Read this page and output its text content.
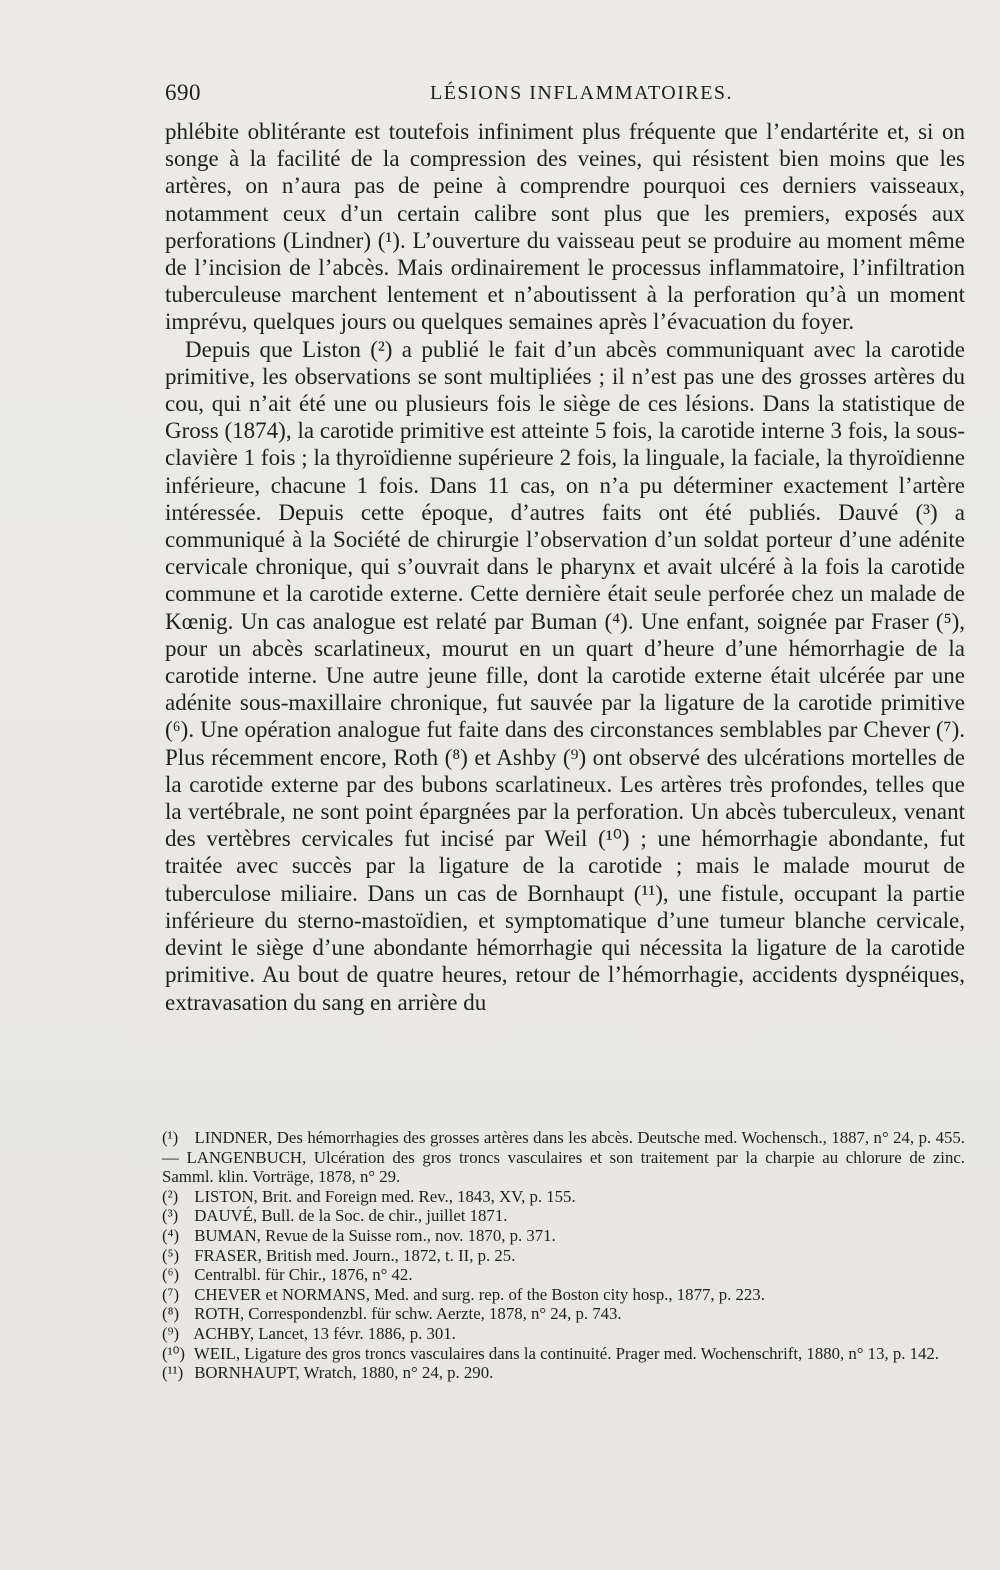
690	LÉSIONS INFLAMMATOIRES.

phlébite oblitérante est toutefois infiniment plus fréquente que l’endartérite et, si on songe à la facilité de la compression des veines, qui résistent bien moins que les artères, on n’aura pas de peine à comprendre pourquoi ces derniers vaisseaux, notamment ceux d’un certain calibre sont plus que les premiers, exposés aux perforations (Lindner) (¹). L’ouverture du vaisseau peut se produire au moment même de l’incision de l’abcès. Mais ordinairement le processus inflammatoire, l’infiltration tuberculeuse marchent lentement et n’aboutissent à la perforation qu’à un moment imprévu, quelques jours ou quelques semaines après l’évacuation du foyer.

Depuis que Liston (²) a publié le fait d’un abcès communiquant avec la carotide primitive, les observations se sont multipliées ; il n’est pas une des grosses artères du cou, qui n’ait été une ou plusieurs fois le siège de ces lésions. Dans la statistique de Gross (1874), la carotide primitive est atteinte 5 fois, la carotide interne 3 fois, la sous-clavière 1 fois ; la thyroïdienne supérieure 2 fois, la linguale, la faciale, la thyroïdienne inférieure, chacune 1 fois. Dans 11 cas, on n’a pu déterminer exactement l’artère intéressée. Depuis cette époque, d’autres faits ont été publiés. Dauvé (³) a communiqué à la Société de chirurgie l’observation d’un soldat porteur d’une adénite cervicale chronique, qui s’ouvrait dans le pharynx et avait ulcéré à la fois la carotide commune et la carotide externe. Cette dernière était seule perforée chez un malade de Kœnig. Un cas analogue est relaté par Buman (⁴). Une enfant, soignée par Fraser (⁵), pour un abcès scarlatineux, mourut en un quart d’heure d’une hémorrhagie de la carotide interne. Une autre jeune fille, dont la carotide externe était ulcérée par une adénite sous-maxillaire chronique, fut sauvée par la ligature de la carotide primitive (⁶). Une opération analogue fut faite dans des circonstances semblables par Chever (⁷). Plus récemment encore, Roth (⁸) et Ashby (⁹) ont observé des ulcérations mortelles de la carotide externe par des bubons scarlatineux. Les artères très profondes, telles que la vertébrale, ne sont point épargnées par la perforation. Un abcès tuberculeux, venant des vertèbres cervicales fut incisé par Weil (¹⁰) ; une hémorrhagie abondante, fut traitée avec succès par la ligature de la carotide ; mais le malade mourut de tuberculose miliaire. Dans un cas de Bornhaupt (¹¹), une fistule, occupant la partie inférieure du sterno-mastoïdien, et symptomatique d’une tumeur blanche cervicale, devint le siège d’une abondante hémorrhagie qui nécessita la ligature de la carotide primitive. Au bout de quatre heures, retour de l’hémorrhagie, accidents dyspnéiques, extravasation du sang en arrière du

(¹) LINDNER, Des hémorrhagies des grosses artères dans les abcès. Deutsche med. Wochensch., 1887, n° 24, p. 455. — LANGENBUCH, Ulcération des gros troncs vasculaires et son traitement par la charpie au chlorure de zinc. Samml. klin. Vorträge, 1878, n° 29.

(²) LISTON, Brit. and Foreign med. Rev., 1843, XV, p. 155.

(³) DAUVÉ, Bull. de la Soc. de chir., juillet 1871.

(⁴) BUMAN, Revue de la Suisse rom., nov. 1870, p. 371.

(⁵) FRASER, British med. Journ., 1872, t. II, p. 25.

(⁶) Centralbl. für Chir., 1876, n° 42.

(⁷) CHEVER et NORMANS, Med. and surg. rep. of the Boston city hosp., 1877, p. 223.

(⁸) ROTH, Correspondenzbl. für schw. Aerzte, 1878, n° 24, p. 743.

(⁹) ACHBY, Lancet, 13 févr. 1886, p. 301.

(¹⁰) WEIL, Ligature des gros troncs vasculaires dans la continuité. Prager med. Wochenschrift, 1880, n° 13, p. 142.

(¹¹) BORNHAUPT, Wratch, 1880, n° 24, p. 290.
